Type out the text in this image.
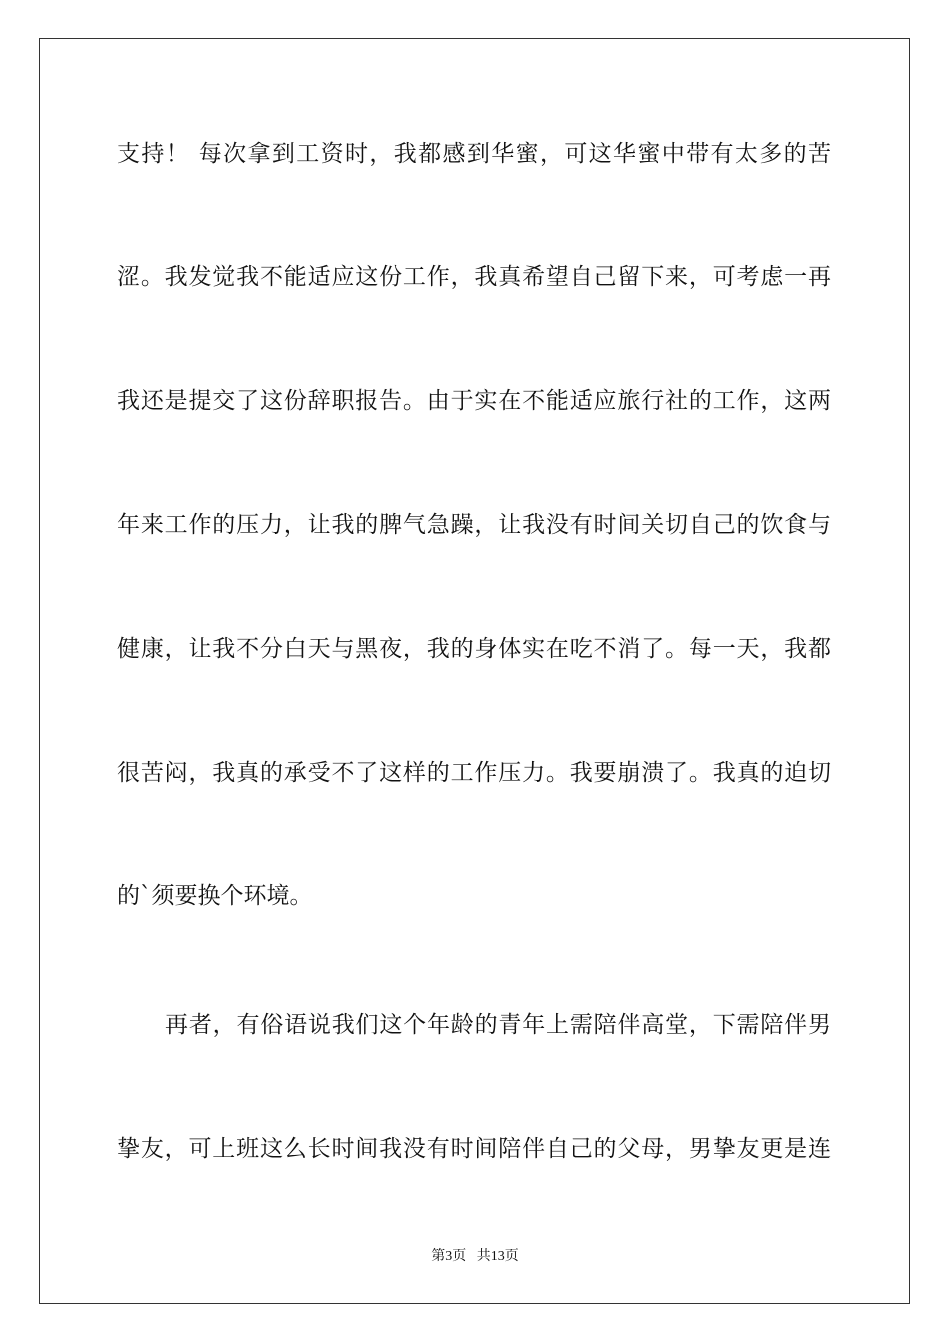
支持！ 每次拿到工资时，我都感到华蜜，可这华蜜中带有太多的苦
涩。我发觉我不能适应这份工作，我真希望自己留下来，可考虑一再
我还是提交了这份辞职报告。由于实在不能适应旅行社的工作，这两
年来工作的压力，让我的脾气急躁，让我没有时间关切自己的饮食与
健康，让我不分白天与黑夜，我的身体实在吃不消了。每一天，我都
很苦闷，我真的承受不了这样的工作压力。我要崩溃了。我真的迫切
的`须要换个环境。
再者，有俗语说我们这个年龄的青年上需陪伴高堂，下需陪伴男
挚友，可上班这么长时间我没有时间陪伴自己的父母，男挚友更是连
第3页 共13页
